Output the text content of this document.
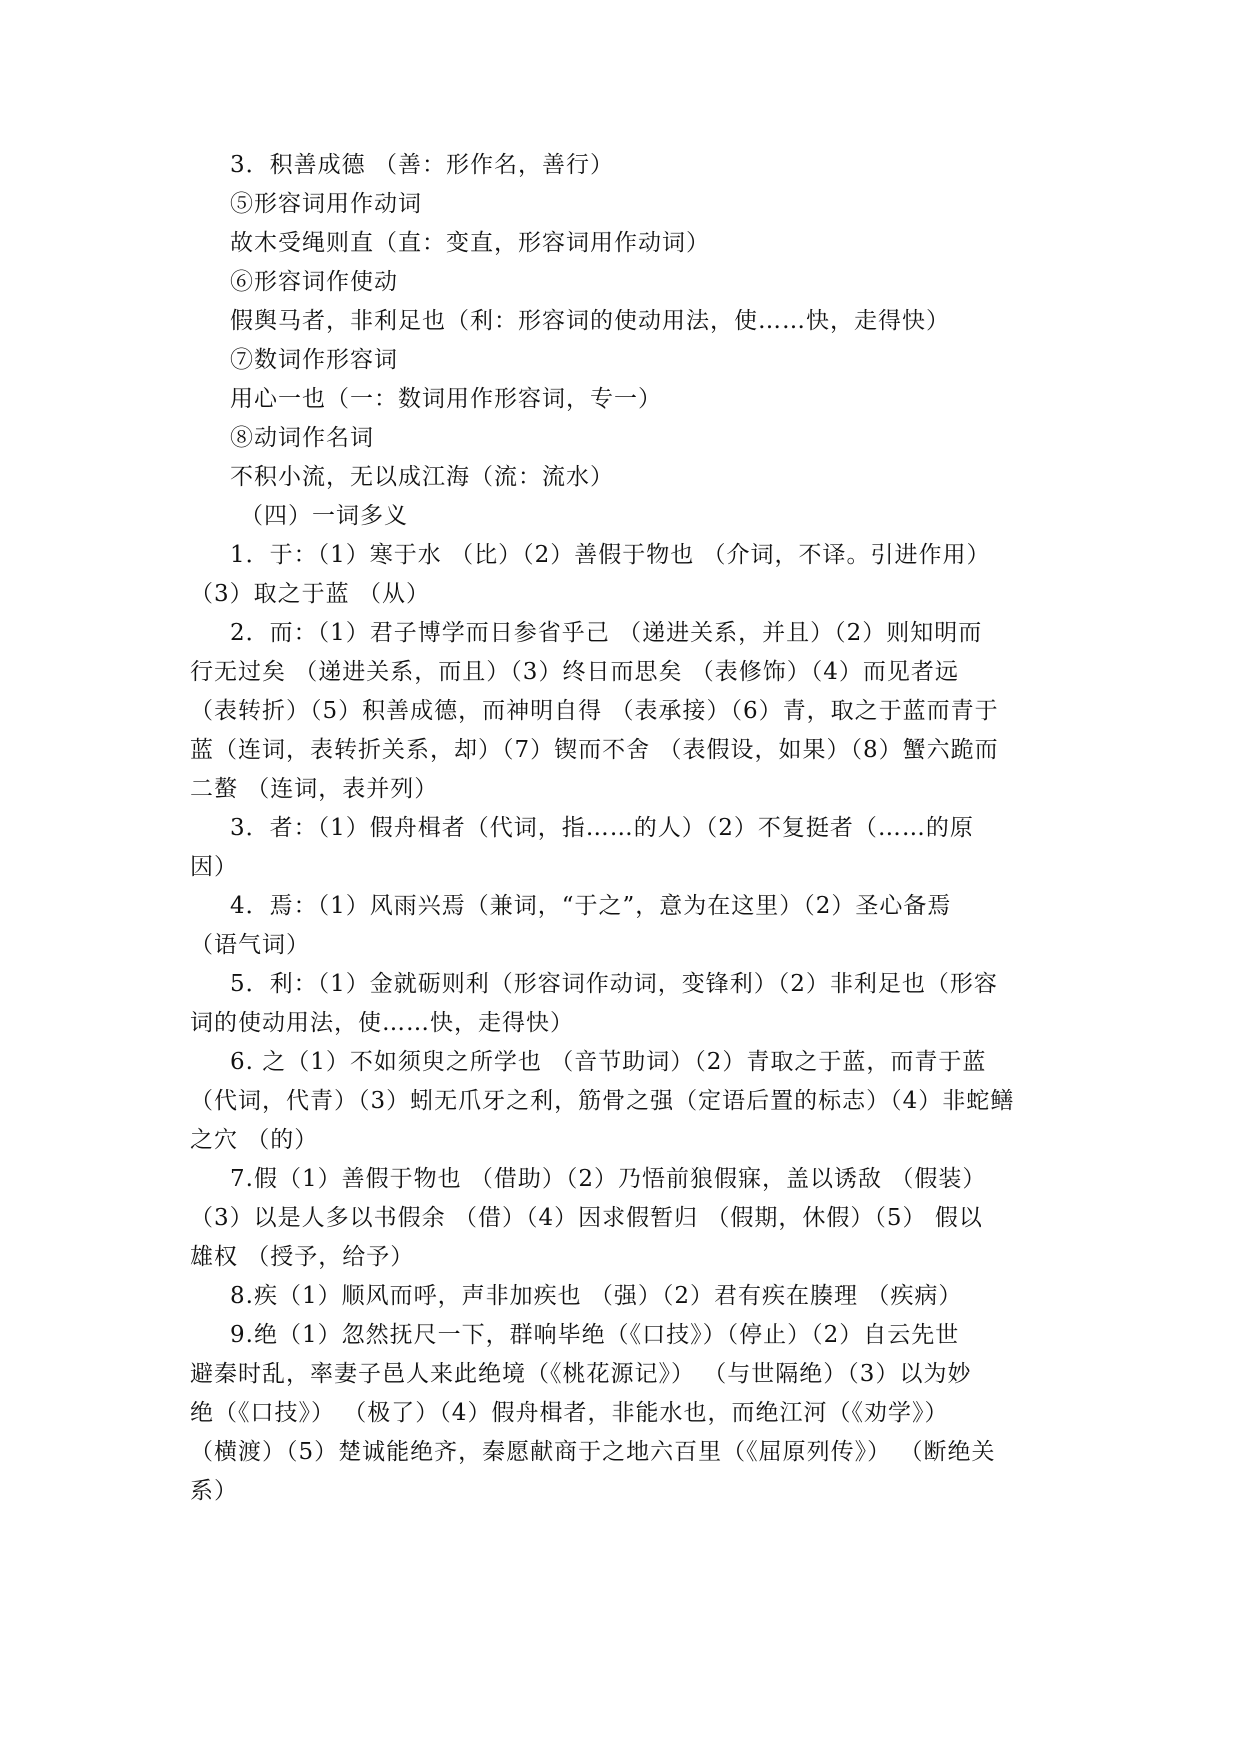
3．积善成德 （善：形作名，善行）
⑤形容词用作动词
故木受绳则直（直：变直，形容词用作动词）
⑥形容词作使动
假舆马者，非利足也（利：形容词的使动用法，使……快，走得快）
⑦数词作形容词
用心一也（一：数词用作形容词，专一）
⑧动词作名词
不积小流，无以成江海（流：流水）
（四）一词多义
1．于：（1）寒于水 （比）（2）善假于物也 （介词，不译。引进作用）
（3）取之于蓝 （从）
2．而：（1）君子博学而日参省乎己 （递进关系，并且）（2）则知明而
行无过矣 （递进关系，而且）（3）终日而思矣 （表修饰）（4）而见者远
（表转折）（5）积善成德，而神明自得 （表承接）（6）青，取之于蓝而青于
蓝（连词，表转折关系，却）（7）锲而不舍 （表假设，如果）（8）蟹六跪而
二螯 （连词，表并列）
3．者：（1）假舟楫者（代词，指……的人）（2）不复挺者（……的原
因）
4．焉：（1）风雨兴焉（兼词，“于之”，意为在这里）（2）圣心备焉
（语气词）
5．利：（1）金就砺则利（形容词作动词，变锋利）（2）非利足也（形容
词的使动用法，使……快，走得快）
6. 之（1）不如须臾之所学也 （音节助词）（2）青取之于蓝，而青于蓝
（代词，代青）（3）蚓无爪牙之利，筋骨之强（定语后置的标志）（4）非蛇鳝
之穴 （的）
7.假（1）善假于物也 （借助）（2）乃悟前狼假寐，盖以诱敌 （假装）
（3）以是人多以书假余 （借）（4）因求假暂归 （假期，休假）（5） 假以
雄权 （授予，给予）
8.疾（1）顺风而呼，声非加疾也 （强）（2）君有疾在腠理 （疾病）
9.绝（1）忽然抚尺一下，群响毕绝（《口技》）（停止）（2）自云先世
避秦时乱，率妻子邑人来此绝境（《桃花源记》） （与世隔绝）（3）以为妙
绝（《口技》） （极了）（4）假舟楫者，非能水也，而绝江河（《劝学》）
（横渡）（5）楚诚能绝齐，秦愿献商于之地六百里（《屈原列传》） （断绝关
系）
